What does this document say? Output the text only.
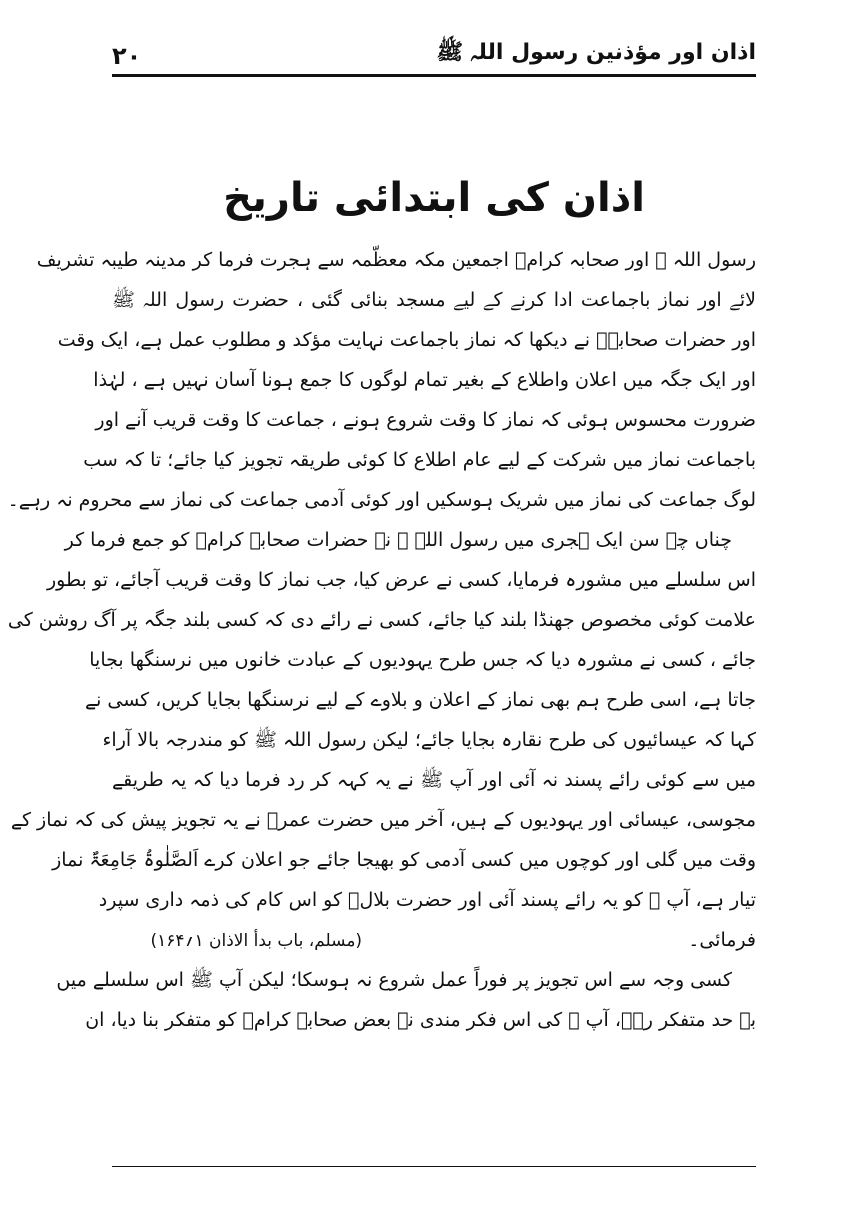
اذان اور مؤذنین رسول اللہ ﷺ
۲۰
اذان کی ابتدائی تاریخ
رسول اللہ ﷺ اور صحابہ کرامؓ اجمعین مکہ معظّمہ سے ہجرت فرما کر مدینہ طیبہ تشریف
لائے اور نماز باجماعت ادا کرنے کے لیے مسجد بنائی گئی ، حضرت رسول اللہ ﷺ
اور حضرات صحابہؓ نے دیکھا کہ نماز باجماعت نہایت مؤکد و مطلوب عمل ہے، ایک وقت
اور ایک جگہ میں اعلان واطلاع کے بغیر تمام لوگوں کا جمع ہونا آسان نہیں ہے ، لہٰذا
ضرورت محسوس ہوئی کہ نماز کا وقت شروع ہونے ، جماعت کا وقت قریب آنے اور
باجماعت نماز میں شرکت کے لیے عام اطلاع کا کوئی طریقہ تجویز کیا جائے؛ تا کہ سب
لوگ جماعت کی نماز میں شریک ہوسکیں اور کوئی آدمی جماعت کی نماز سے محروم نہ رہے۔
چناں چہ سن ایک ہجری میں رسول اللہ ﷺ نے حضرات صحابہ کرامؓ کو جمع فرما کر
اس سلسلے میں مشورہ فرمایا، کسی نے عرض کیا، جب نماز کا وقت قریب آجائے، تو بطور
علامت کوئی مخصوص جھنڈا بلند کیا جائے، کسی نے رائے دی کہ کسی بلند جگہ پر آگ روشن کی
جائے ، کسی نے مشورہ دیا کہ جس طرح یہودیوں کے عبادت خانوں میں نرسنگھا بجایا
جاتا ہے، اسی طرح ہم بھی نماز کے اعلان و بلاوے کے لیے نرسنگھا بجایا کریں، کسی نے
کہا کہ عیسائیوں کی طرح نقارہ بجایا جائے؛ لیکن رسول اللہ ﷺ کو مندرجہ بالا آراء
میں سے کوئی رائے پسند نہ آئی اور آپ ﷺ نے یہ کہہ کر رد فرما دیا کہ یہ طریقے
مجوسی، عیسائی اور یہودیوں کے ہیں، آخر میں حضرت عمرؓ نے یہ تجویز پیش کی کہ نماز کے
وقت میں گلی اور کوچوں میں کسی آدمی کو بھیجا جائے جو اعلان کرے اَلصَّلٰوۃُ جَامِعَۃٌ نماز
تیار ہے، آپ ﷺ کو یہ رائے پسند آئی اور حضرت بلالؓ کو اس کام کی ذمہ داری سپرد
فرمائی۔                                                      (مسلم، باب بدأ الاذان ۱؍۱۶۴)
کسی وجہ سے اس تجویز پر فوراً عمل شروع نہ ہوسکا؛ لیکن آپ ﷺ اس سلسلے میں
بے حد متفکر رہے، آپ ﷺ کی اس فکر مندی نے بعض صحابہ کرامؓ کو متفکر بنا دیا، ان
